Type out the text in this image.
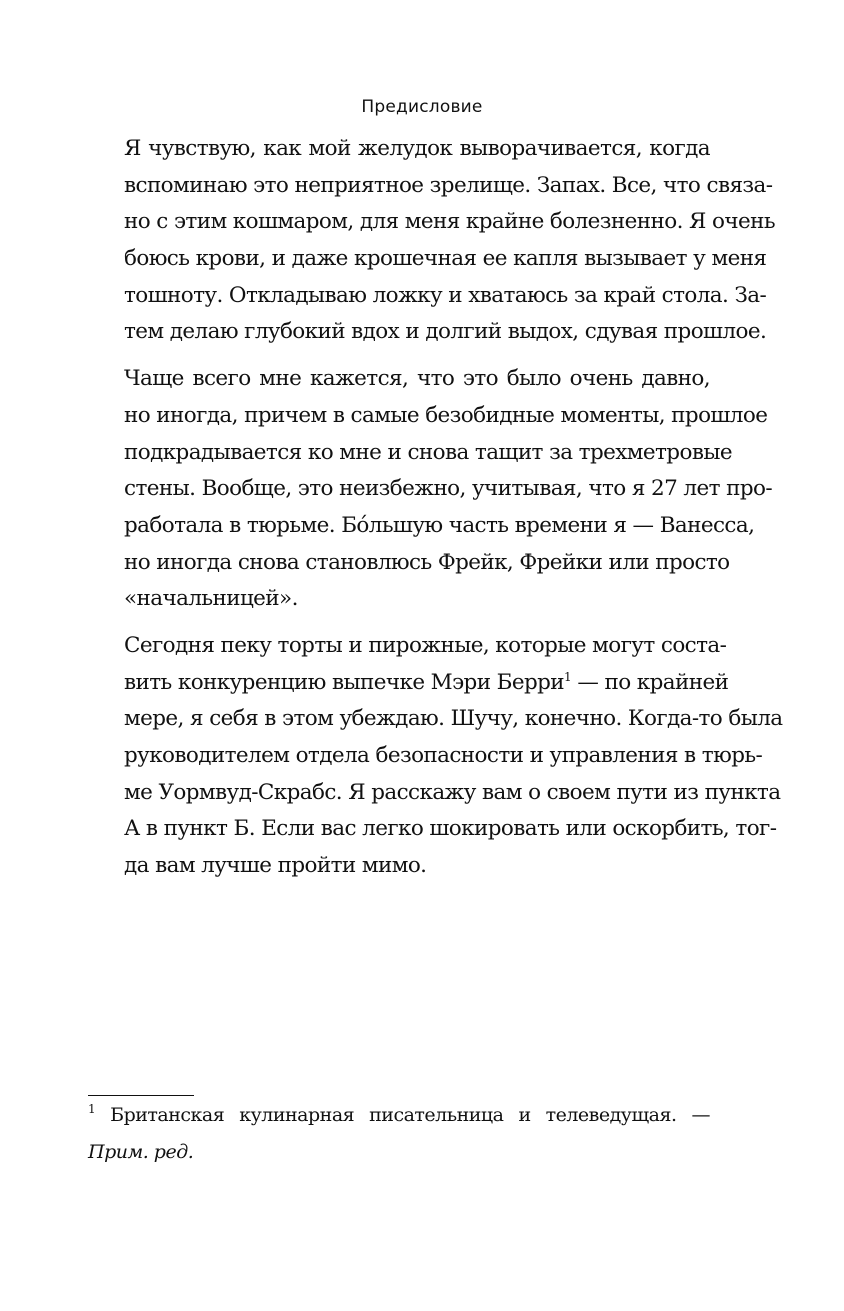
Предисловие

Я чувствую, как мой желудок выворачивается, когда
вспоминаю это неприятное зрелище. Запах. Все, что связа-
но с этим кошмаром, для меня крайне болезненно. Я очень
боюсь крови, и даже крошечная ее капля вызывает у меня
тошноту. Откладываю ложку и хватаюсь за край стола. За-
тем делаю глубокий вдох и долгий выдох, сдувая прошлое.

Чаще всего мне кажется, что это было очень давно,
но иногда, причем в самые безобидные моменты, прошлое
подкрадывается ко мне и снова тащит за трехметровые
стены. Вообще, это неизбежно, учитывая, что я 27 лет про-
работала в тюрьме. Бóльшую часть времени я — Ванесса,
но иногда снова становлюсь Фрейк, Фрейки или просто
«начальницей».

Сегодня пеку торты и пирожные, которые могут соста-
вить конкуренцию выпечке Мэри Берри$^1$ — по крайней
мере, я себя в этом убеждаю. Шучу, конечно. Когда-то была
руководителем отдела безопасности и управления в тюрь-
ме Уормвуд-Скрабс. Я расскажу вам о своем пути из пункта
А в пункт Б. Если вас легко шокировать или оскорбить, тог-
да вам лучше пройти мимо.

$^1$ Британская кулинарная писательница и телеведущая. —
Прим. ред.
